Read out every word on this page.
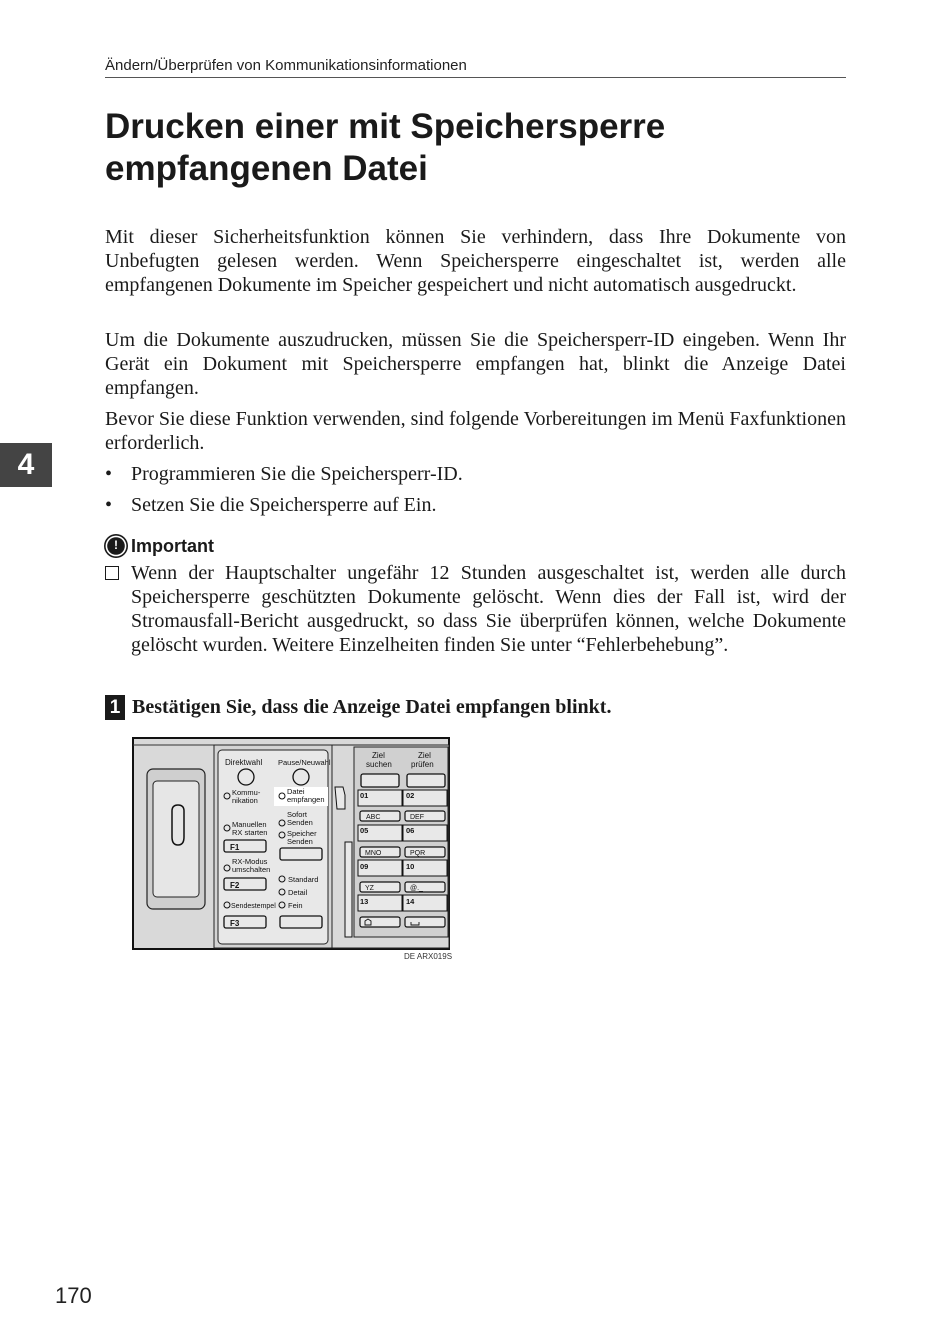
Ändern/Überprüfen von Kommunikationsinformationen
Drucken einer mit Speichersperre
empfangenen Datei

Mit dieser Sicherheitsfunktion können Sie verhindern, dass Ihre Dokumente von Unbefugten gelesen werden. Wenn Speichersperre eingeschaltet ist, werden alle empfangenen Dokumente im Speicher gespeichert und nicht automatisch ausgedruckt.

Um die Dokumente auszudrucken, müssen Sie die Speichersperr-ID eingeben. Wenn Ihr Gerät ein Dokument mit Speichersperre empfangen hat, blinkt die Anzeige Datei empfangen.

Bevor Sie diese Funktion verwenden, sind folgende Vorbereitungen im Menü Faxfunktionen erforderlich.

• Programmieren Sie die Speichersperr-ID.
• Setzen Sie die Speichersperre auf Ein.
! Important
Wenn der Hauptschalter ungefähr 12 Stunden ausgeschaltet ist, werden alle durch Speichersperre geschützten Dokumente gelöscht. Wenn dies der Fall ist, wird der Stromausfall-Bericht ausgedruckt, so dass Sie überprüfen können, welche Dokumente gelöscht wurden. Weitere Einzelheiten finden Sie unter “Fehlerbehebung”.
1 Bestätigen Sie, dass die Anzeige Datei empfangen blinkt.
Direktwahl Pause/Neuwahl
Kommu-
nikation
Datei
empfangen
Sofort
Senden
Manuellen
RX starten	Speicher
Senden
F1
RX-Modus
umschalten
Standard
F2
Detail
Sendestempel Fein
F3
Ziel
suchen
Ziel
prüfen
01	02
ABC	DEF
05	06
MNO	PQR
09	10
YZ	@._
13	14
DE ARX019S
4
170
